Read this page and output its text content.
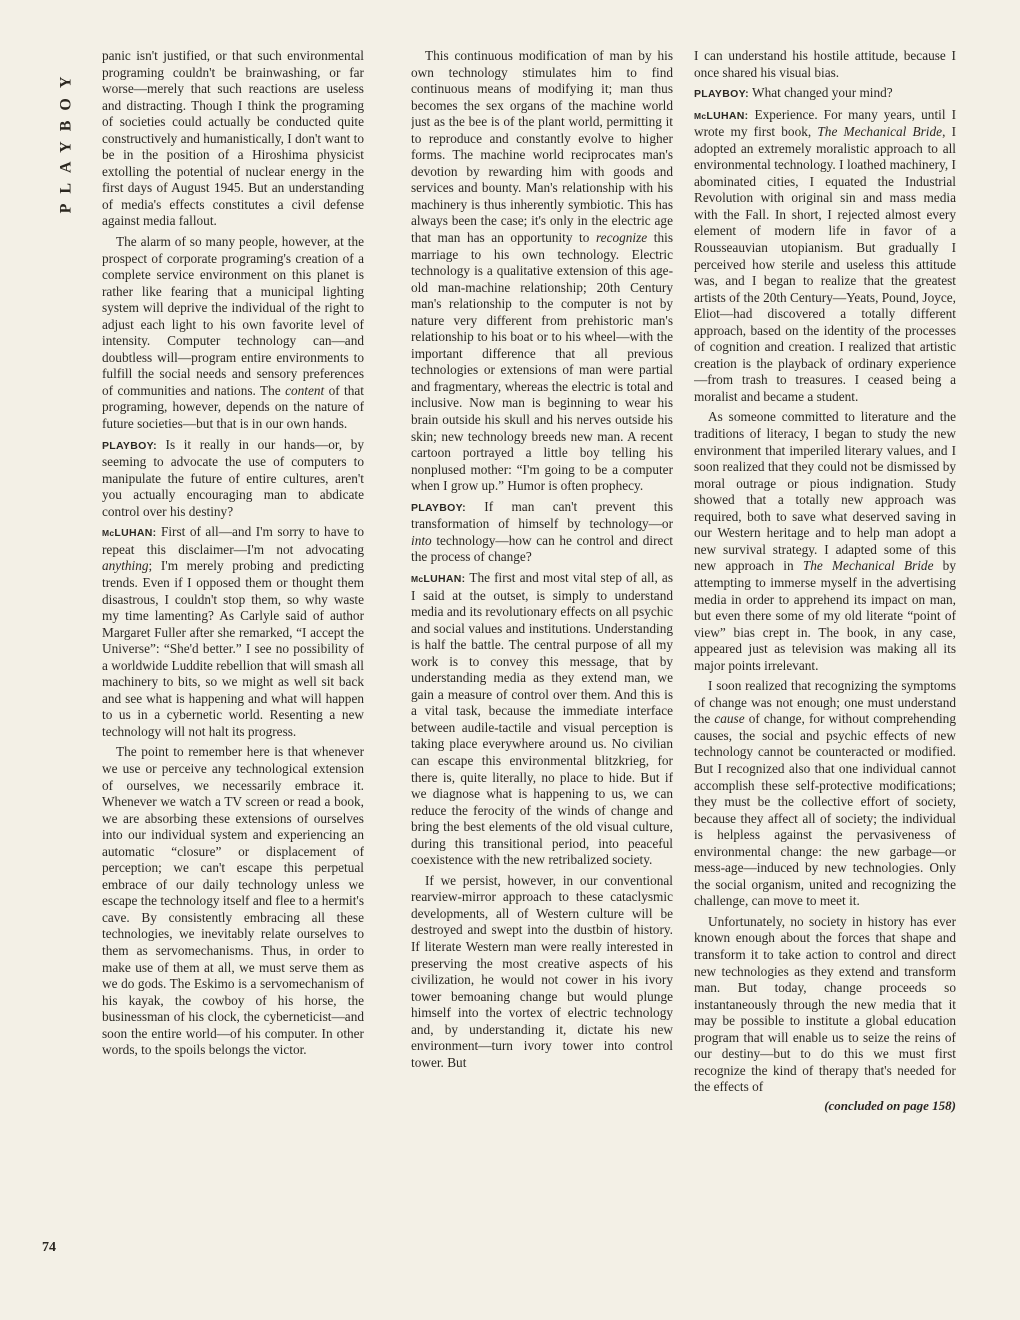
PLAYBOY
74

panic isn't justified, or that such environmental programing couldn't be brainwashing, or far worse—merely that such reactions are useless and distracting. Though I think the programing of societies could actually be conducted quite constructively and humanistically, I don't want to be in the position of a Hiroshima physicist extolling the potential of nuclear energy in the first days of August 1945. But an understanding of media's effects constitutes a civil defense against media fallout.

The alarm of so many people, however, at the prospect of corporate programing's creation of a complete service environment on this planet is rather like fearing that a municipal lighting system will deprive the individual of the right to adjust each light to his own favorite level of intensity. Computer technology can—and doubtless will—program entire environments to fulfill the social needs and sensory preferences of communities and nations. The content of that programing, however, depends on the nature of future societies—but that is in our own hands.

PLAYBOY: Is it really in our hands—or, by seeming to advocate the use of computers to manipulate the future of entire cultures, aren't you actually encouraging man to abdicate control over his destiny?

McLUHAN: First of all—and I'm sorry to have to repeat this disclaimer—I'm not advocating anything; I'm merely probing and predicting trends. Even if I opposed them or thought them disastrous, I couldn't stop them, so why waste my time lamenting? As Carlyle said of author Margaret Fuller after she remarked, “I accept the Universe”: “She'd better.” I see no possibility of a worldwide Luddite rebellion that will smash all machinery to bits, so we might as well sit back and see what is happening and what will happen to us in a cybernetic world. Resenting a new technology will not halt its progress.

The point to remember here is that whenever we use or perceive any technological extension of ourselves, we necessarily embrace it. Whenever we watch a TV screen or read a book, we are absorbing these extensions of ourselves into our individual system and experiencing an automatic “closure” or displacement of perception; we can't escape this perpetual embrace of our daily technology unless we escape the technology itself and flee to a hermit's cave. By consistently embracing all these technologies, we inevitably relate ourselves to them as servomechanisms. Thus, in order to make use of them at all, we must serve them as we do gods. The Eskimo is a servomechanism of his kayak, the cowboy of his horse, the businessman of his clock, the cyberneticist—and soon the entire world—of his computer. In other words, to the spoils belongs the victor.

This continuous modification of man by his own technology stimulates him to find continuous means of modifying it; man thus becomes the sex organs of the machine world just as the bee is of the plant world, permitting it to reproduce and constantly evolve to higher forms. The machine world reciprocates man's devotion by rewarding him with goods and services and bounty. Man's relationship with his machinery is thus inherently symbiotic. This has always been the case; it's only in the electric age that man has an opportunity to recognize this marriage to his own technology. Electric technology is a qualitative extension of this age-old man-machine relationship; 20th Century man's relationship to the computer is not by nature very different from prehistoric man's relationship to his boat or to his wheel—with the important difference that all previous technologies or extensions of man were partial and fragmentary, whereas the electric is total and inclusive. Now man is beginning to wear his brain outside his skull and his nerves outside his skin; new technology breeds new man. A recent cartoon portrayed a little boy telling his nonplused mother: “I'm going to be a computer when I grow up.” Humor is often prophecy.

PLAYBOY: If man can't prevent this transformation of himself by technology—or into technology—how can he control and direct the process of change?

McLUHAN: The first and most vital step of all, as I said at the outset, is simply to understand media and its revolutionary effects on all psychic and social values and institutions. Understanding is half the battle. The central purpose of all my work is to convey this message, that by understanding media as they extend man, we gain a measure of control over them. And this is a vital task, because the immediate interface between audile-tactile and visual perception is taking place everywhere around us. No civilian can escape this environmental blitzkrieg, for there is, quite literally, no place to hide. But if we diagnose what is happening to us, we can reduce the ferocity of the winds of change and bring the best elements of the old visual culture, during this transitional period, into peaceful coexistence with the new retribalized society.

If we persist, however, in our conventional rearview-mirror approach to these cataclysmic developments, all of Western culture will be destroyed and swept into the dustbin of history. If literate Western man were really interested in preserving the most creative aspects of his civilization, he would not cower in his ivory tower bemoaning change but would plunge himself into the vortex of electric technology and, by understanding it, dictate his new environment—turn ivory tower into control tower. But

I can understand his hostile attitude, because I once shared his visual bias.

PLAYBOY: What changed your mind?

McLUHAN: Experience. For many years, until I wrote my first book, The Mechanical Bride, I adopted an extremely moralistic approach to all environmental technology. I loathed machinery, I abominated cities, I equated the Industrial Revolution with original sin and mass media with the Fall. In short, I rejected almost every element of modern life in favor of a Rousseauvian utopianism. But gradually I perceived how sterile and useless this attitude was, and I began to realize that the greatest artists of the 20th Century—Yeats, Pound, Joyce, Eliot—had discovered a totally different approach, based on the identity of the processes of cognition and creation. I realized that artistic creation is the playback of ordinary experience—from trash to treasures. I ceased being a moralist and became a student.

As someone committed to literature and the traditions of literacy, I began to study the new environment that imperiled literary values, and I soon realized that they could not be dismissed by moral outrage or pious indignation. Study showed that a totally new approach was required, both to save what deserved saving in our Western heritage and to help man adopt a new survival strategy. I adapted some of this new approach in The Mechanical Bride by attempting to immerse myself in the advertising media in order to apprehend its impact on man, but even there some of my old literate “point of view” bias crept in. The book, in any case, appeared just as television was making all its major points irrelevant.

I soon realized that recognizing the symptoms of change was not enough; one must understand the cause of change, for without comprehending causes, the social and psychic effects of new technology cannot be counteracted or modified. But I recognized also that one individual cannot accomplish these self-protective modifications; they must be the collective effort of society, because they affect all of society; the individual is helpless against the pervasiveness of environmental change: the new garbage—or mess-age—induced by new technologies. Only the social organism, united and recognizing the challenge, can move to meet it.

Unfortunately, no society in history has ever known enough about the forces that shape and transform it to take action to control and direct new technologies as they extend and transform man. But today, change proceeds so instantaneously through the new media that it may be possible to institute a global education program that will enable us to seize the reins of our destiny—but to do this we must first recognize the kind of therapy that's needed for the effects of

(concluded on page 158)
